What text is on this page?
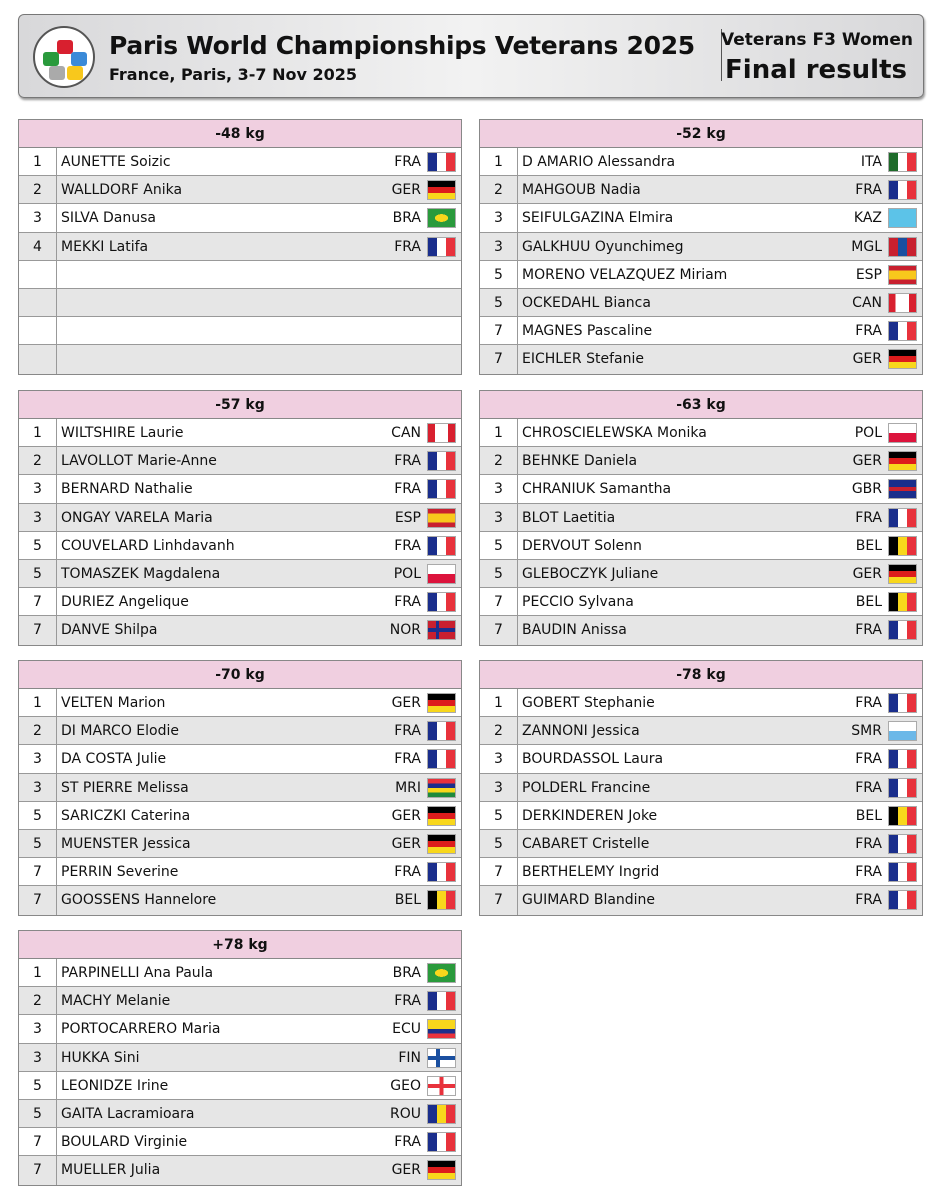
Paris World Championships Veterans 2025
France, Paris, 3-7 Nov 2025
Veterans F3 Women
Final results
-48 kg
1	AUNETTE Soizic	FRA
2	WALLDORF Anika	GER
3	SILVA Danusa	BRA
4	MEKKI Latifa	FRA
-52 kg
1	D AMARIO Alessandra	ITA
2	MAHGOUB Nadia	FRA
3	SEIFULGAZINA Elmira	KAZ
3	GALKHUU Oyunchimeg	MGL
5	MORENO VELAZQUEZ Miriam	ESP
5	OCKEDAHL Bianca	CAN
7	MAGNES Pascaline	FRA
7	EICHLER Stefanie	GER
-57 kg
1	WILTSHIRE Laurie	CAN
2	LAVOLLOT Marie-Anne	FRA
3	BERNARD Nathalie	FRA
3	ONGAY VARELA Maria	ESP
5	COUVELARD Linhdavanh	FRA
5	TOMASZEK Magdalena	POL
7	DURIEZ Angelique	FRA
7	DANVE Shilpa	NOR
-63 kg
1	CHROSCIELEWSKA Monika	POL
2	BEHNKE Daniela	GER
3	CHRANIUK Samantha	GBR
3	BLOT Laetitia	FRA
5	DERVOUT Solenn	BEL
5	GLEBOCZYK Juliane	GER
7	PECCIO Sylvana	BEL
7	BAUDIN Anissa	FRA
-70 kg
1	VELTEN Marion	GER
2	DI MARCO Elodie	FRA
3	DA COSTA Julie	FRA
3	ST PIERRE Melissa	MRI
5	SARICZKI Caterina	GER
5	MUENSTER Jessica	GER
7	PERRIN Severine	FRA
7	GOOSSENS Hannelore	BEL
-78 kg
1	GOBERT Stephanie	FRA
2	ZANNONI Jessica	SMR
3	BOURDASSOL Laura	FRA
3	POLDERL Francine	FRA
5	DERKINDEREN Joke	BEL
5	CABARET Cristelle	FRA
7	BERTHELEMY Ingrid	FRA
7	GUIMARD Blandine	FRA
+78 kg
1	PARPINELLI Ana Paula	BRA
2	MACHY Melanie	FRA
3	PORTOCARRERO Maria	ECU
3	HUKKA Sini	FIN
5	LEONIDZE Irine	GEO
5	GAITA Lacramioara	ROU
7	BOULARD Virginie	FRA
7	MUELLER Julia	GER
